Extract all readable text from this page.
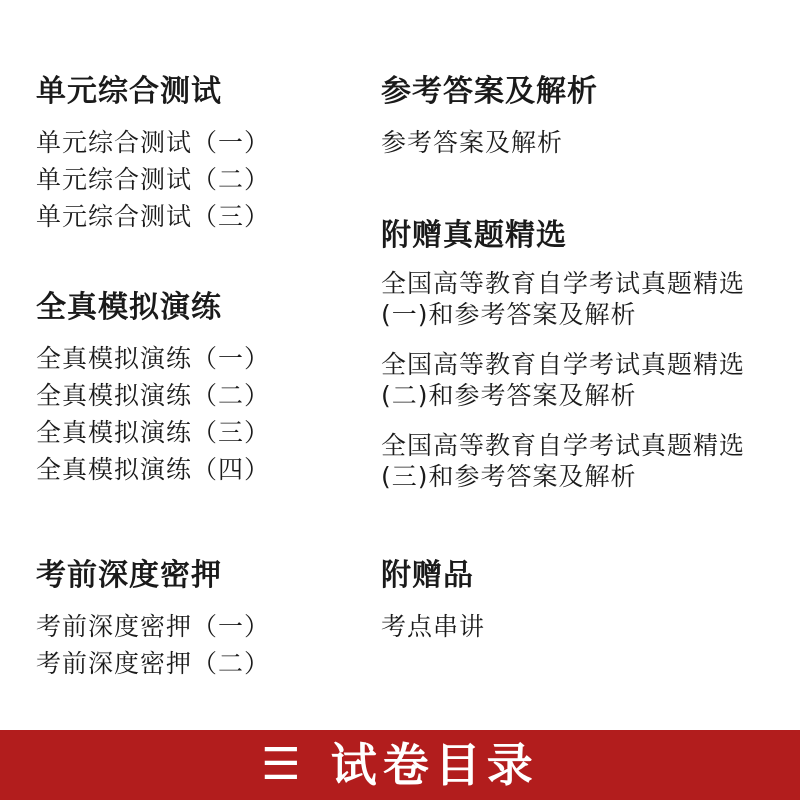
单元综合测试

单元综合测试（一）

单元综合测试（二）

单元综合测试（三）

全真模拟演练

全真模拟演练（一）

全真模拟演练（二）

全真模拟演练（三）

全真模拟演练（四）

考前深度密押

考前深度密押（一）

考前深度密押（二）

参考答案及解析

参考答案及解析

附赠真题精选

全国高等教育自学考试真题精选(一)和参考答案及解析

全国高等教育自学考试真题精选(二)和参考答案及解析

全国高等教育自学考试真题精选(三)和参考答案及解析

附赠品

考点串讲

☰ 试卷目录
